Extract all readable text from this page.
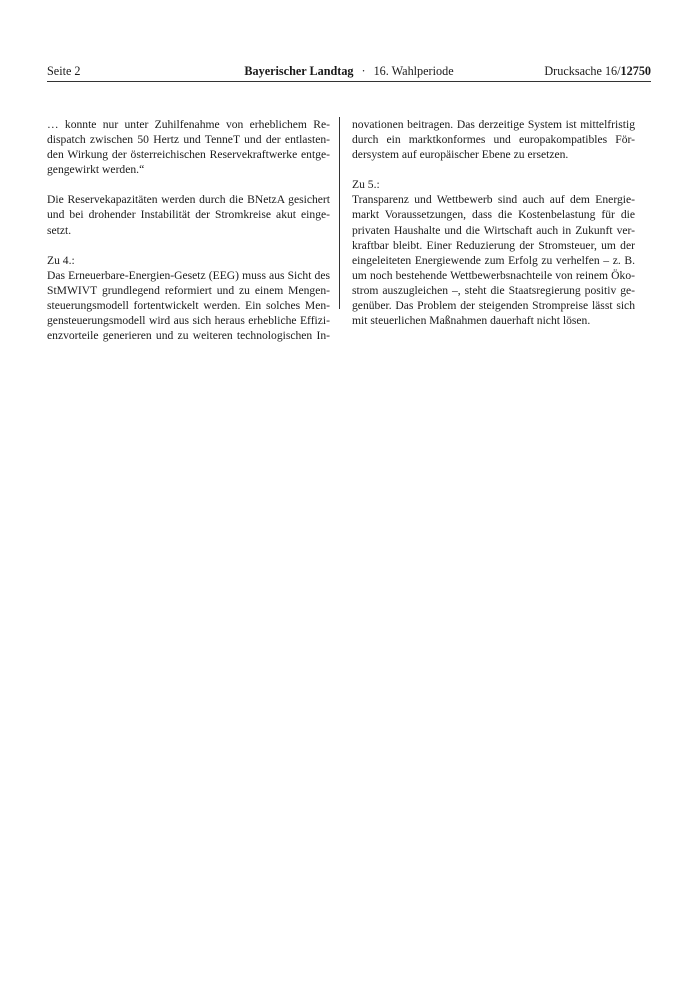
Seite 2	Bayerischer Landtag · 16. Wahlperiode	Drucksache 16/12750

… konnte nur unter Zuhilfenahme von erheblichem Re-
dispatch zwischen 50 Hertz und TenneT und der entlasten-
den Wirkung der österreichischen Reservekraftwerke entge-
gengewirkt werden.“

Die Reservekapazitäten werden durch die BNetzA gesichert
und bei drohender Instabilität der Stromkreise akut einge-
setzt.

Zu 4.:
Das Erneuerbare-Energien-Gesetz (EEG) muss aus Sicht des
StMWIVT grundlegend reformiert und zu einem Mengen-
steuerungsmodell fortentwickelt werden. Ein solches Men-
gensteuerungsmodell wird aus sich heraus erhebliche Effizi-
enzvorteile generieren und zu weiteren technologischen In-

novationen beitragen. Das derzeitige System ist mittelfristig
durch ein marktkonformes und europakompatibles För-
dersystem auf europäischer Ebene zu ersetzen.

Zu 5.:
Transparenz und Wettbewerb sind auch auf dem Energie-
markt Voraussetzungen, dass die Kostenbelastung für die
privaten Haushalte und die Wirtschaft auch in Zukunft ver-
kraftbar bleibt. Einer Reduzierung der Stromsteuer, um der
eingeleiteten Energiewende zum Erfolg zu verhelfen – z. B.
um noch bestehende Wettbewerbsnachteile von reinem Öko-
strom auszugleichen –, steht die Staatsregierung positiv ge-
genüber. Das Problem der steigenden Strompreise lässt sich
mit steuerlichen Maßnahmen dauerhaft nicht lösen.
